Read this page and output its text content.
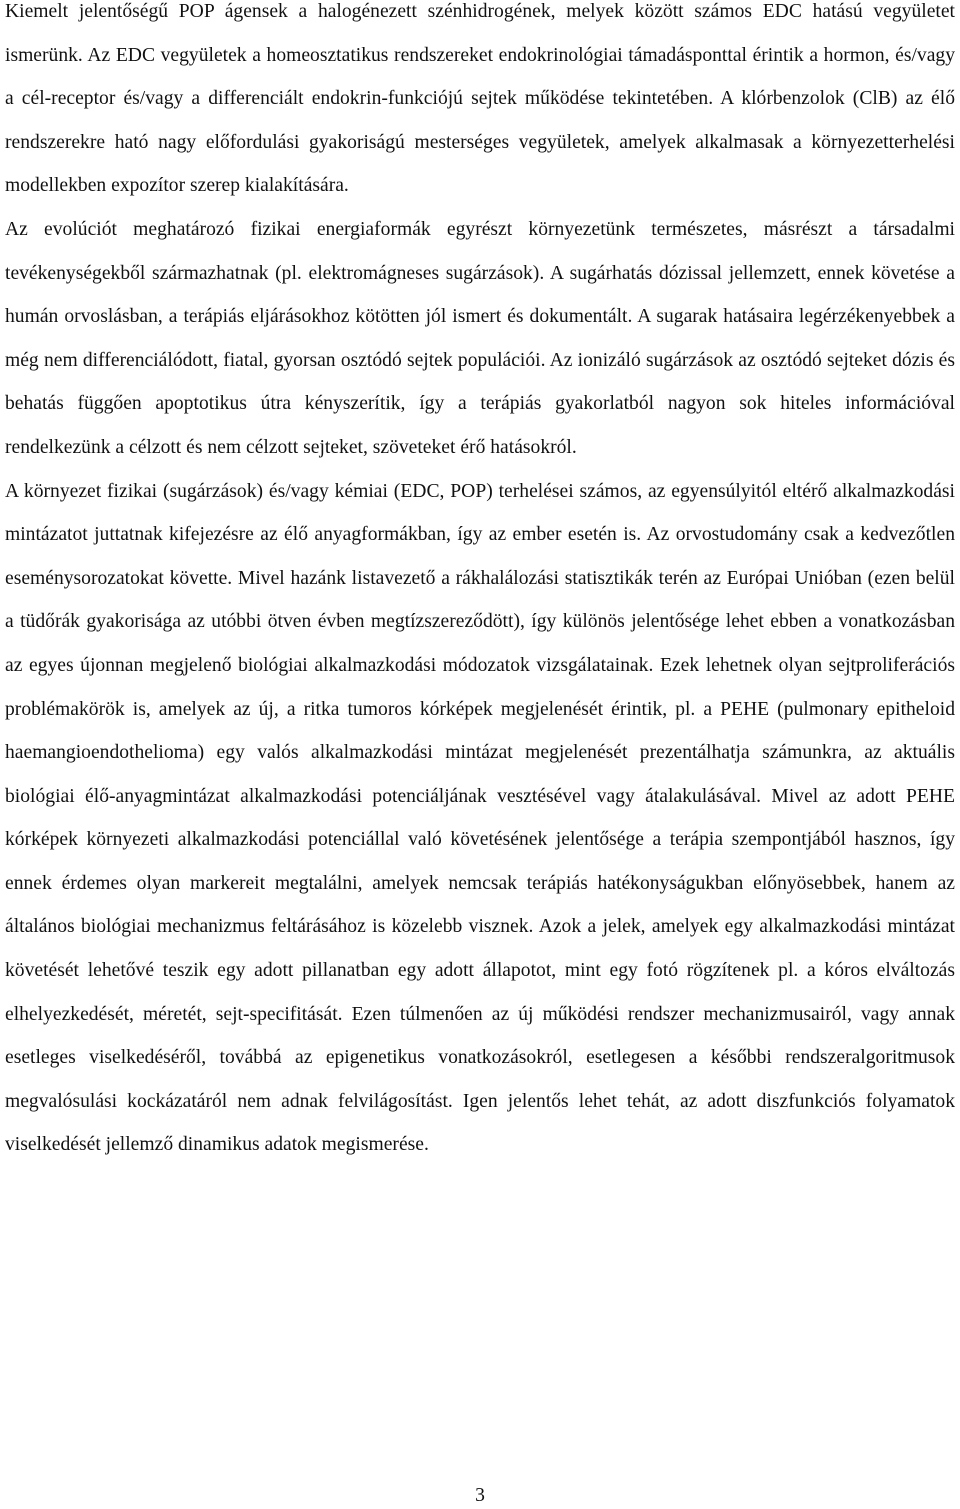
Kiemelt jelentőségű POP ágensek a halogénezett szénhidrogének, melyek között számos EDC hatású vegyületet ismerünk. Az EDC vegyületek a homeosztatikus rendszereket endokrinológiai támadásponttal érintik a hormon, és/vagy a cél-receptor és/vagy a differenciált endokrin-funkciójú sejtek működése tekintetében. A klórbenzolok (ClB) az élő rendszerekre ható nagy előfordulási gyakoriságú mesterséges vegyületek, amelyek alkalmasak a környezetterhelési modellekben expozítor szerep kialakítására.

Az evolúciót meghatározó fizikai energiaformák egyrészt környezetünk természetes, másrészt a társadalmi tevékenységekből származhatnak (pl. elektromágneses sugárzások). A sugárhatás dózissal jellemzett, ennek követése a humán orvoslásban, a terápiás eljárásokhoz kötötten jól ismert és dokumentált. A sugarak hatásaira legérzékenyebbek a még nem differenciálódott, fiatal, gyorsan osztódó sejtek populációi. Az ionizáló sugárzások az osztódó sejteket dózis és behatás függően apoptotikus útra kényszerítik, így a terápiás gyakorlatból nagyon sok hiteles információval rendelkezünk a célzott és nem célzott sejteket, szöveteket érő hatásokról.

A környezet fizikai (sugárzások) és/vagy kémiai (EDC, POP) terhelései számos, az egyensúlyitól eltérő alkalmazkodási mintázatot juttatnak kifejezésre az élő anyagformákban, így az ember esetén is. Az orvostudomány csak a kedvezőtlen eseménysorozatokat követte. Mivel hazánk listavezető a rákhalálozási statisztikák terén az Európai Unióban (ezen belül a tüdőrák gyakorisága az utóbbi ötven évben megtízszereződött), így különös jelentősége lehet ebben a vonatkozásban az egyes újonnan megjelenő biológiai alkalmazkodási módozatok vizsgálatainak. Ezek lehetnek olyan sejtproliferációs problémakörök is, amelyek az új, a ritka tumoros kórképek megjelenését érintik, pl. a PEHE (pulmonary epitheloid haemangioendothelioma) egy valós alkalmazkodási mintázat megjelenését prezentálhatja számunkra, az aktuális biológiai élő-anyagmintázat alkalmazkodási potenciáljának vesztésével vagy átalakulásával. Mivel az adott PEHE kórképek környezeti alkalmazkodási potenciállal való követésének jelentősége a terápia szempontjából hasznos, így ennek érdemes olyan markereit megtalálni, amelyek nemcsak terápiás hatékonyságukban előnyösebbek, hanem az általános biológiai mechanizmus feltárásához is közelebb visznek. Azok a jelek, amelyek egy alkalmazkodási mintázat követését lehetővé teszik egy adott pillanatban egy adott állapotot, mint egy fotó rögzítenek pl. a kóros elváltozás elhelyezkedését, méretét, sejt-specifitását. Ezen túlmenően az új működési rendszer mechanizmusairól, vagy annak esetleges viselkedéséről, továbbá az epigenetikus vonatkozásokról, esetlegesen a későbbi rendszeralgoritmusok megvalósulási kockázatáról nem adnak felvilágosítást. Igen jelentős lehet tehát, az adott diszfunkciós folyamatok viselkedését jellemző dinamikus adatok megismerése.

3
